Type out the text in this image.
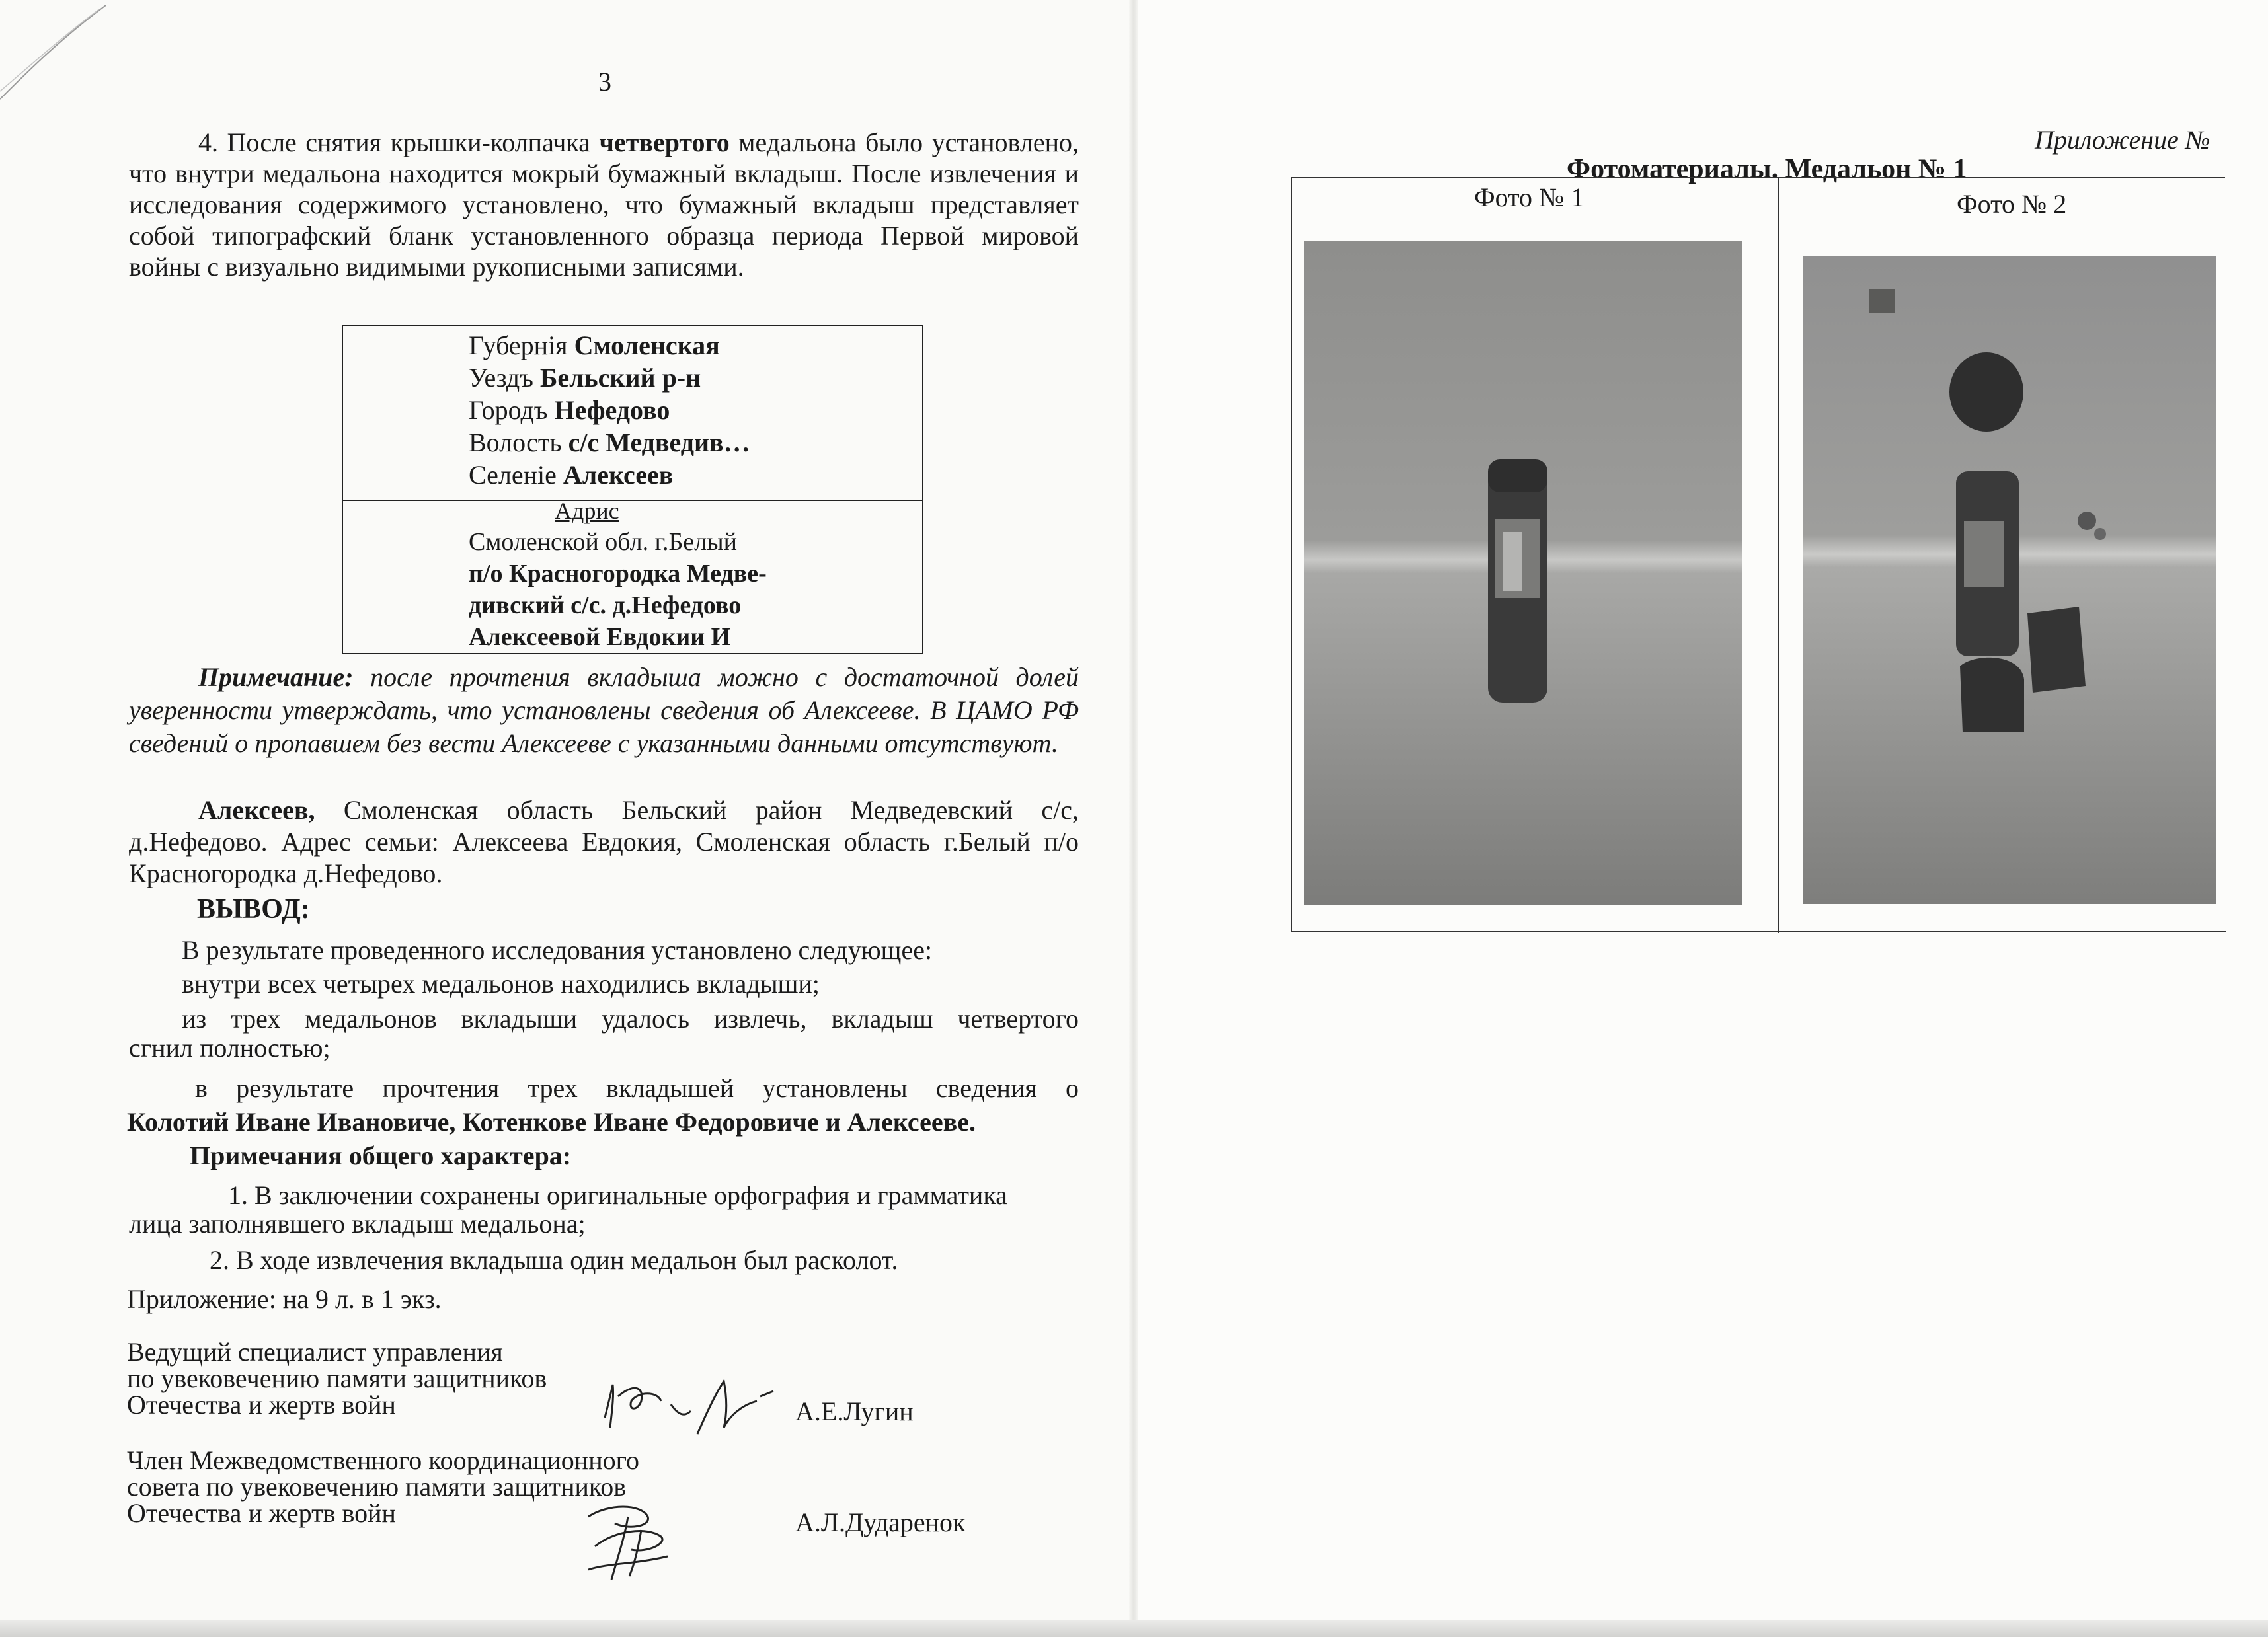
3

4. После снятия крышки-колпачка четвертого медальона было установлено, что внутри медальона находится мокрый бумажный вкладыш. После извлечения и исследования содержимого установлено, что бумажный вкладыш представляет собой типографский бланк установленного образца периода Первой мировой войны с визуально видимыми рукописными записями.

Губернія Смоленская
Уездъ Бельский р-н
Городъ Нефедово
Волость с/с Медведив…
Селеніе Алексеев
Адрис
Смоленской обл. г.Белый
п/о Красногородка Медве-
дивский с/с. д.Нефедово
Алексеевой Евдокии И

Примечание: после прочтения вкладыша можно с достаточной долей уверенности утверждать, что установлены сведения об Алексееве. В ЦАМО РФ сведений о пропавшем без вести Алексееве с указанными данными отсутствуют.

Алексеев, Смоленская область Бельский район Медведевский с/с, д.Нефедово. Адрес семьи: Алексеева Евдокия, Смоленская область г.Белый п/о Красногородка д.Нефедово.

ВЫВОД:
В результате проведенного исследования установлено следующее:
внутри всех четырех медальонов находились вкладыши;
из трех медальонов вкладыши удалось извлечь, вкладыш четвертого
сгнил полностью;
в результате прочтения трех вкладышей установлены сведения о
Колотий Иване Ивановиче, Котенкове Иване Федоровиче и Алексееве.
Примечания общего характера:
1. В заключении сохранены оригинальные орфография и грамматика
лица заполнявшего вкладыш медальона;
2. В ходе извлечения вкладыша один медальон был расколот.
Приложение: на 9 л. в 1 экз.
Ведущий специалист управления
по увековечению памяти защитников
Отечества и жертв войн	А.Е.Лугин
Член Межведомственного координационного
совета по увековечению памяти защитников
Отечества и жертв войн	А.Л.Дударенок
Приложение №
Фотоматериалы. Медальон № 1
Фото № 1	Фото № 2
